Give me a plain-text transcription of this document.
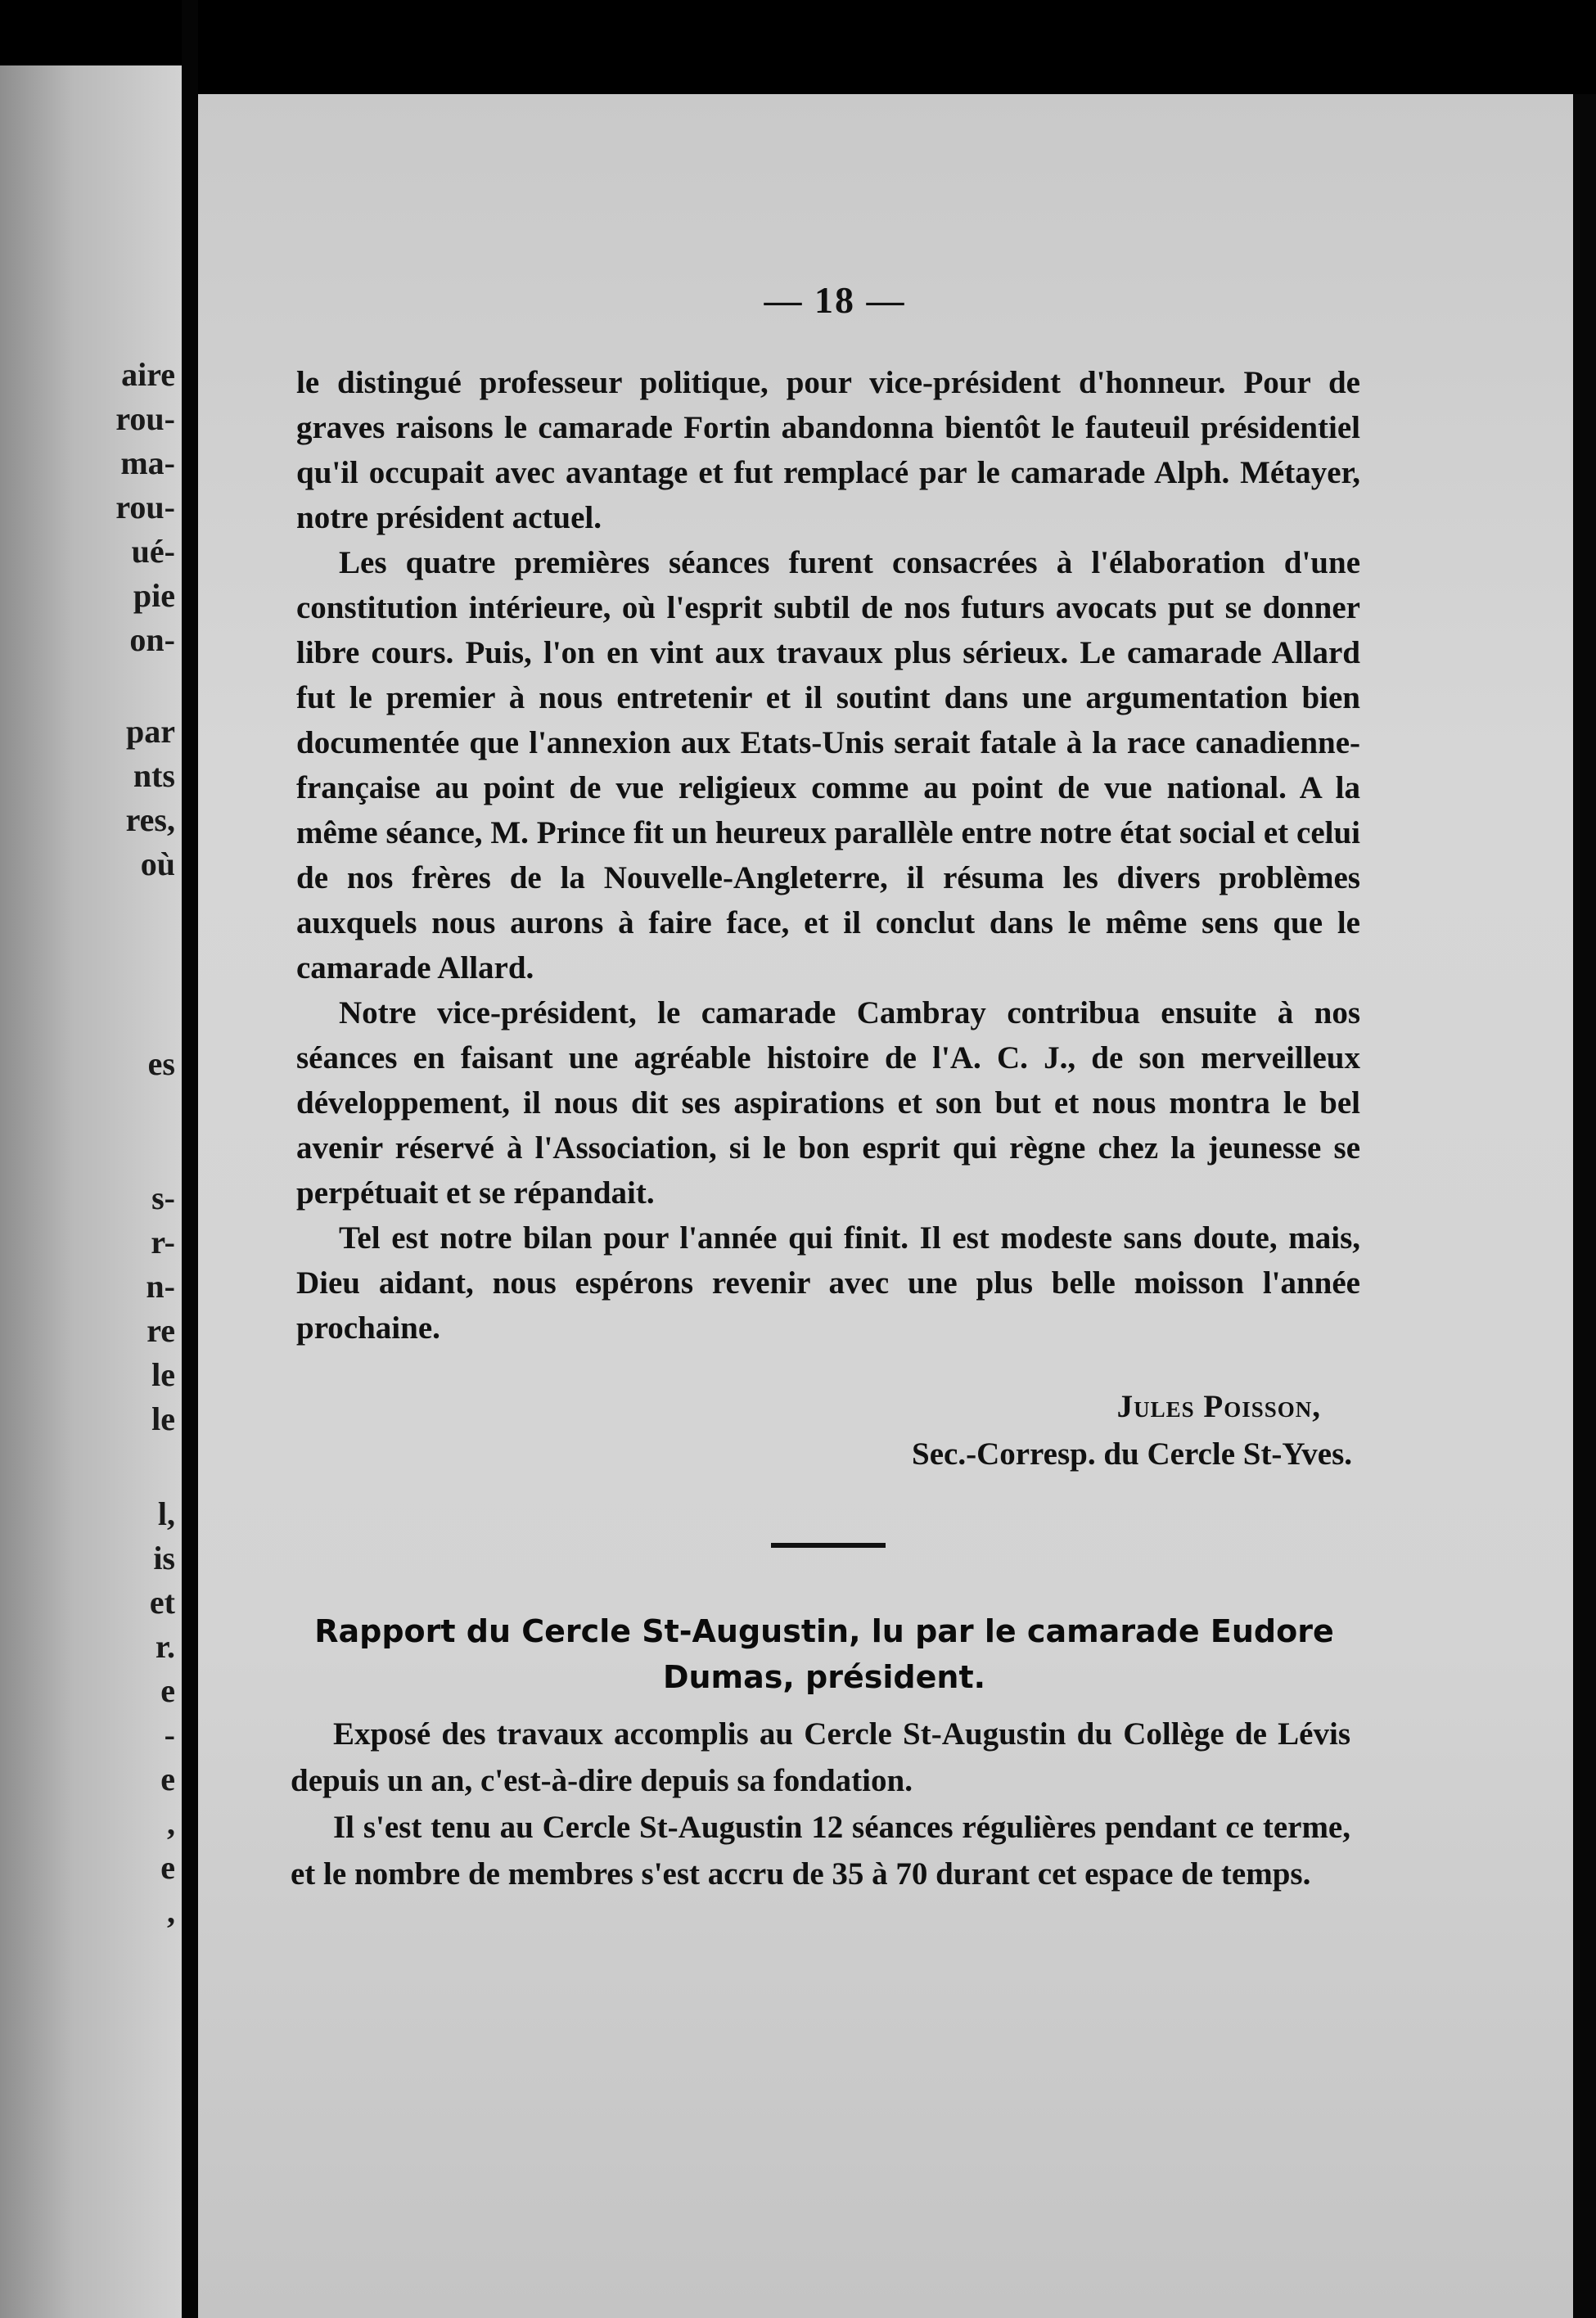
aire
rou-
ma-
rou-
ué-
pie
on-
par
nts
res,
où
es
s-
r-
n-
re
le
le
l,
is
et
r.
e
-
e
,
e
,
— 18 —

le distingué professeur politique, pour vice-président d'honneur. Pour de graves raisons le camarade Fortin abandonna bientôt le fauteuil présidentiel qu'il occupait avec avantage et fut remplacé par le camarade Alph. Métayer, notre président actuel.

Les quatre premières séances furent consacrées à l'élaboration d'une constitution intérieure, où l'esprit subtil de nos futurs avocats put se donner libre cours. Puis, l'on en vint aux travaux plus sérieux. Le camarade Allard fut le premier à nous entretenir et il soutint dans une argumentation bien documentée que l'annexion aux Etats-Unis serait fatale à la race canadienne-française au point de vue religieux comme au point de vue national. A la même séance, M. Prince fit un heureux parallèle entre notre état social et celui de nos frères de la Nouvelle-Angleterre, il résuma les divers problèmes auxquels nous aurons à faire face, et il conclut dans le même sens que le camarade Allard.

Notre vice-président, le camarade Cambray contribua ensuite à nos séances en faisant une agréable histoire de l'A. C. J., de son merveilleux développement, il nous dit ses aspirations et son but et nous montra le bel avenir réservé à l'Association, si le bon esprit qui règne chez la jeunesse se perpétuait et se répandait.

Tel est notre bilan pour l'année qui finit. Il est modeste sans doute, mais, Dieu aidant, nous espérons revenir avec une plus belle moisson l'année prochaine.

Jules Poisson,
Sec.-Corresp. du Cercle St-Yves.
Rapport du Cercle St-Augustin, lu par le camarade Eudore
Dumas, président.

Exposé des travaux accomplis au Cercle St-Augustin du Collège de Lévis depuis un an, c'est-à-dire depuis sa fondation.

Il s'est tenu au Cercle St-Augustin 12 séances régulières pendant ce terme, et le nombre de membres s'est accru de 35 à 70 durant cet espace de temps.
